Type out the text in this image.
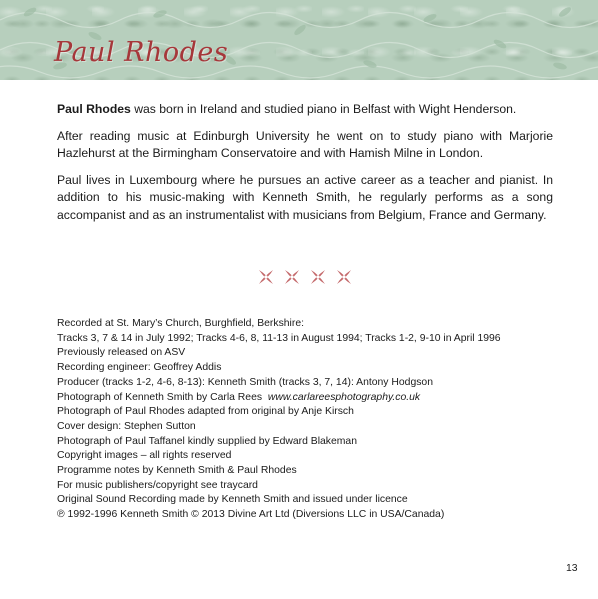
Paul Rhodes

Paul Rhodes was born in Ireland and studied piano in Belfast with Wight Henderson.

After reading music at Edinburgh University he went on to study piano with Marjorie Hazlehurst at the Birmingham Conservatoire and with Hamish Milne in London.

Paul lives in Luxembourg where he pursues an active career as a teacher and pianist. In addition to his music-making with Kenneth Smith, he regularly performs as a song accompanist and as an instrumentalist with musicians from Belgium, France and Germany.

Recorded at St. Mary’s Church, Burghfield, Berkshire:
Tracks 3, 7 & 14 in July 1992; Tracks 4-6, 8, 11-13 in August 1994; Tracks 1-2, 9-10 in April 1996
Previously released on ASV
Recording engineer: Geoffrey Addis
Producer (tracks 1-2, 4-6, 8-13): Kenneth Smith (tracks 3, 7, 14): Antony Hodgson
Photograph of Kenneth Smith by Carla Rees www.carlareesphotography.co.uk
Photograph of Paul Rhodes adapted from original by Anje Kirsch
Cover design: Stephen Sutton
Photograph of Paul Taffanel kindly supplied by Edward Blakeman
Copyright images – all rights reserved
Programme notes by Kenneth Smith & Paul Rhodes
For music publishers/copyright see traycard
Original Sound Recording made by Kenneth Smith and issued under licence
℗ 1992-1996 Kenneth Smith © 2013 Divine Art Ltd (Diversions LLC in USA/Canada)
13
